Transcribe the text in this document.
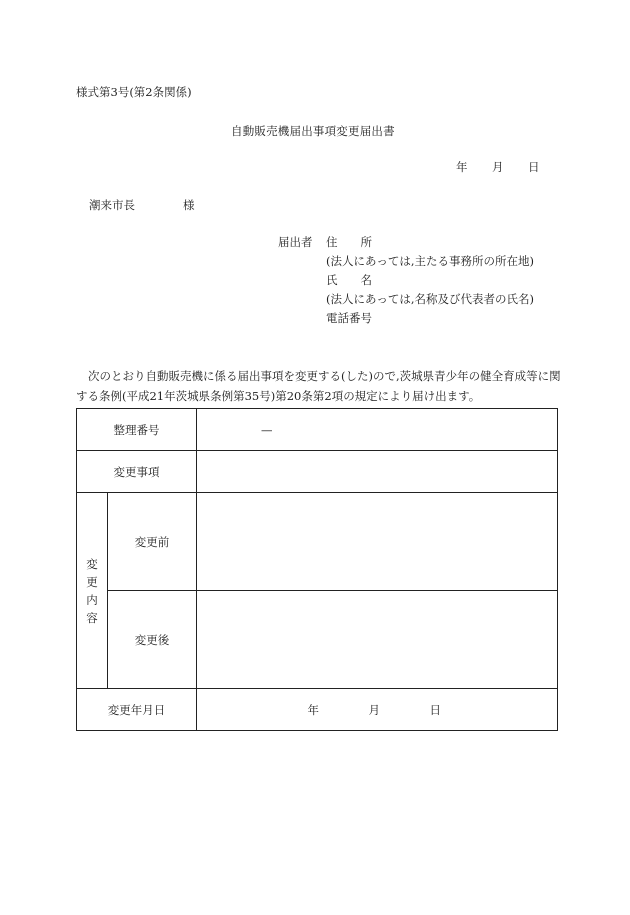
様式第3号(第2条関係)
自動販売機届出事項変更届出書
年 月 日
潮来市長	様
届出者 住　　所
(法人にあっては,主たる事務所の所在地)
氏　　名
(法人にあっては,名称及び代表者の氏名)
電話番号
次のとおり自動販売機に係る届出事項を変更する(した)ので,茨城県青少年の健全育成等に関する条例(平成21年茨城県条例第35号)第20条第2項の規定により届け出ます。
整理番号		—
変更事項		

変
更
内
容	変更前	
	変更後	
変更年月日		年 月 日
